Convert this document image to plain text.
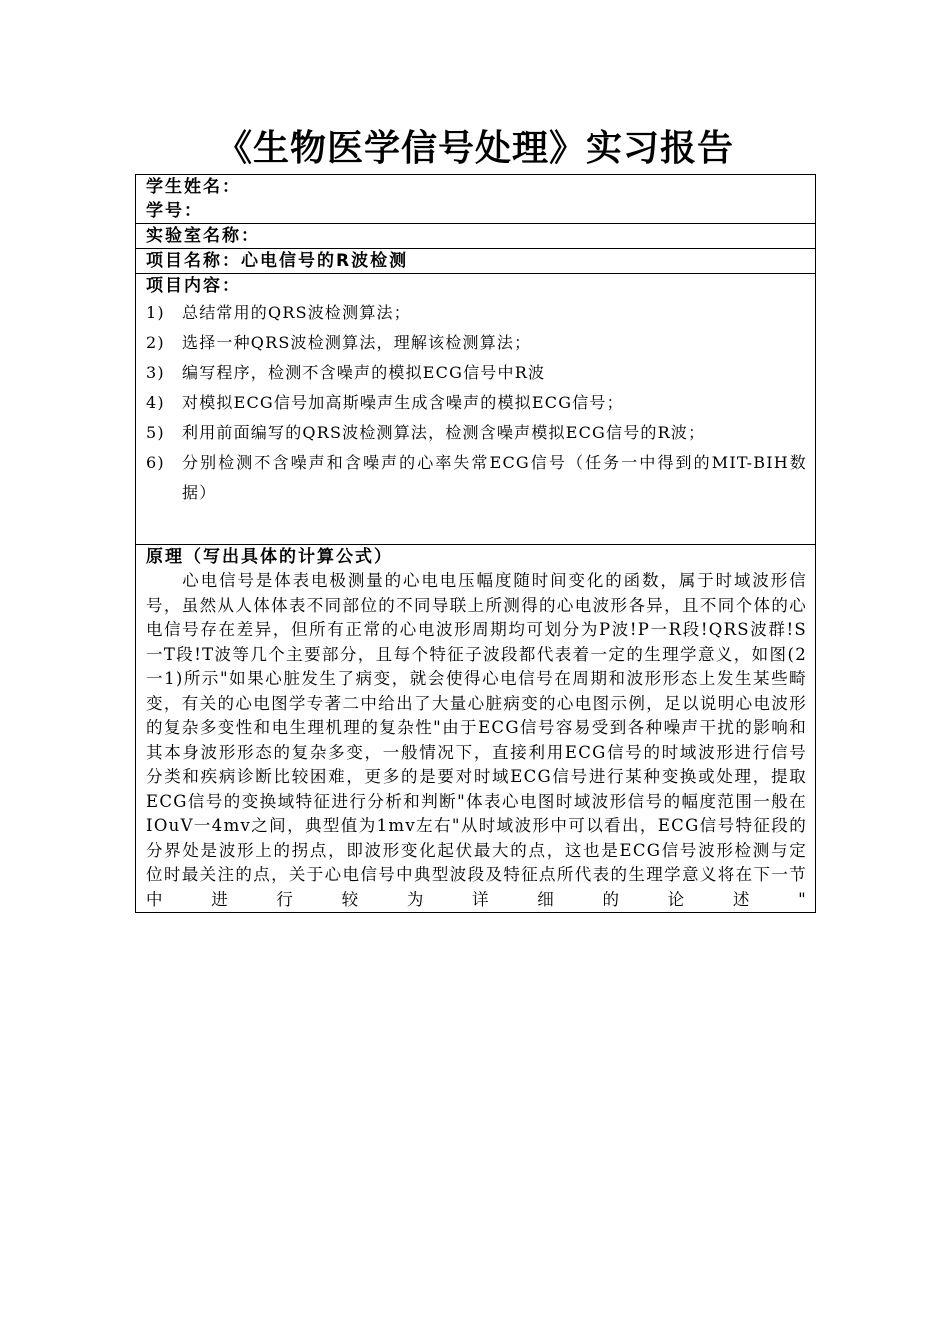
《生物医学信号处理》实习报告
学生姓名：
学号：

实验室名称：

项目名称：心电信号的R波检测

项目内容：
1)	总结常用的QRS波检测算法；
2)	选择一种QRS波检测算法，理解该检测算法；
3)	编写程序，检测不含噪声的模拟ECG信号中R波
4)	对模拟ECG信号加高斯噪声生成含噪声的模拟ECG信号；
5)	利用前面编写的QRS波检测算法，检测含噪声模拟ECG信号的R波；
6)	分别检测不含噪声和含噪声的心率失常ECG信号（任务一中得到的MIT-BIH数据）

原理（写出具体的计算公式）

心电信号是体表电极测量的心电电压幅度随时间变化的函数，属于时域波形信号，虽然从人体体表不同部位的不同导联上所测得的心电波形各异，且不同个体的心电信号存在差异，但所有正常的心电波形周期均可划分为P波!P一R段!QRS波群!S一T段!T波等几个主要部分，且每个特征子波段都代表着一定的生理学意义，如图(2一1)所示"如果心脏发生了病变，就会使得心电信号在周期和波形形态上发生某些畸变，有关的心电图学专著二中给出了大量心脏病变的心电图示例，足以说明心电波形的复杂多变性和电生理机理的复杂性"由于ECG信号容易受到各种噪声干扰的影响和其本身波形形态的复杂多变，一般情况下，直接利用ECG信号的时域波形进行信号分类和疾病诊断比较困难，更多的是要对时域ECG信号进行某种变换或处理，提取ECG信号的变换域特征进行分析和判断"体表心电图时域波形信号的幅度范围一般在IOuV一4mv之间，典型值为1mv左右"从时域波形中可以看出，ECG信号特征段的分界处是波形上的拐点，即波形变化起伏最大的点，这也是ECG信号波形检测与定位时最关注的点，关于心电信号中典型波段及特征点所代表的生理学意义将在下一节中进行较为详细的论述"
